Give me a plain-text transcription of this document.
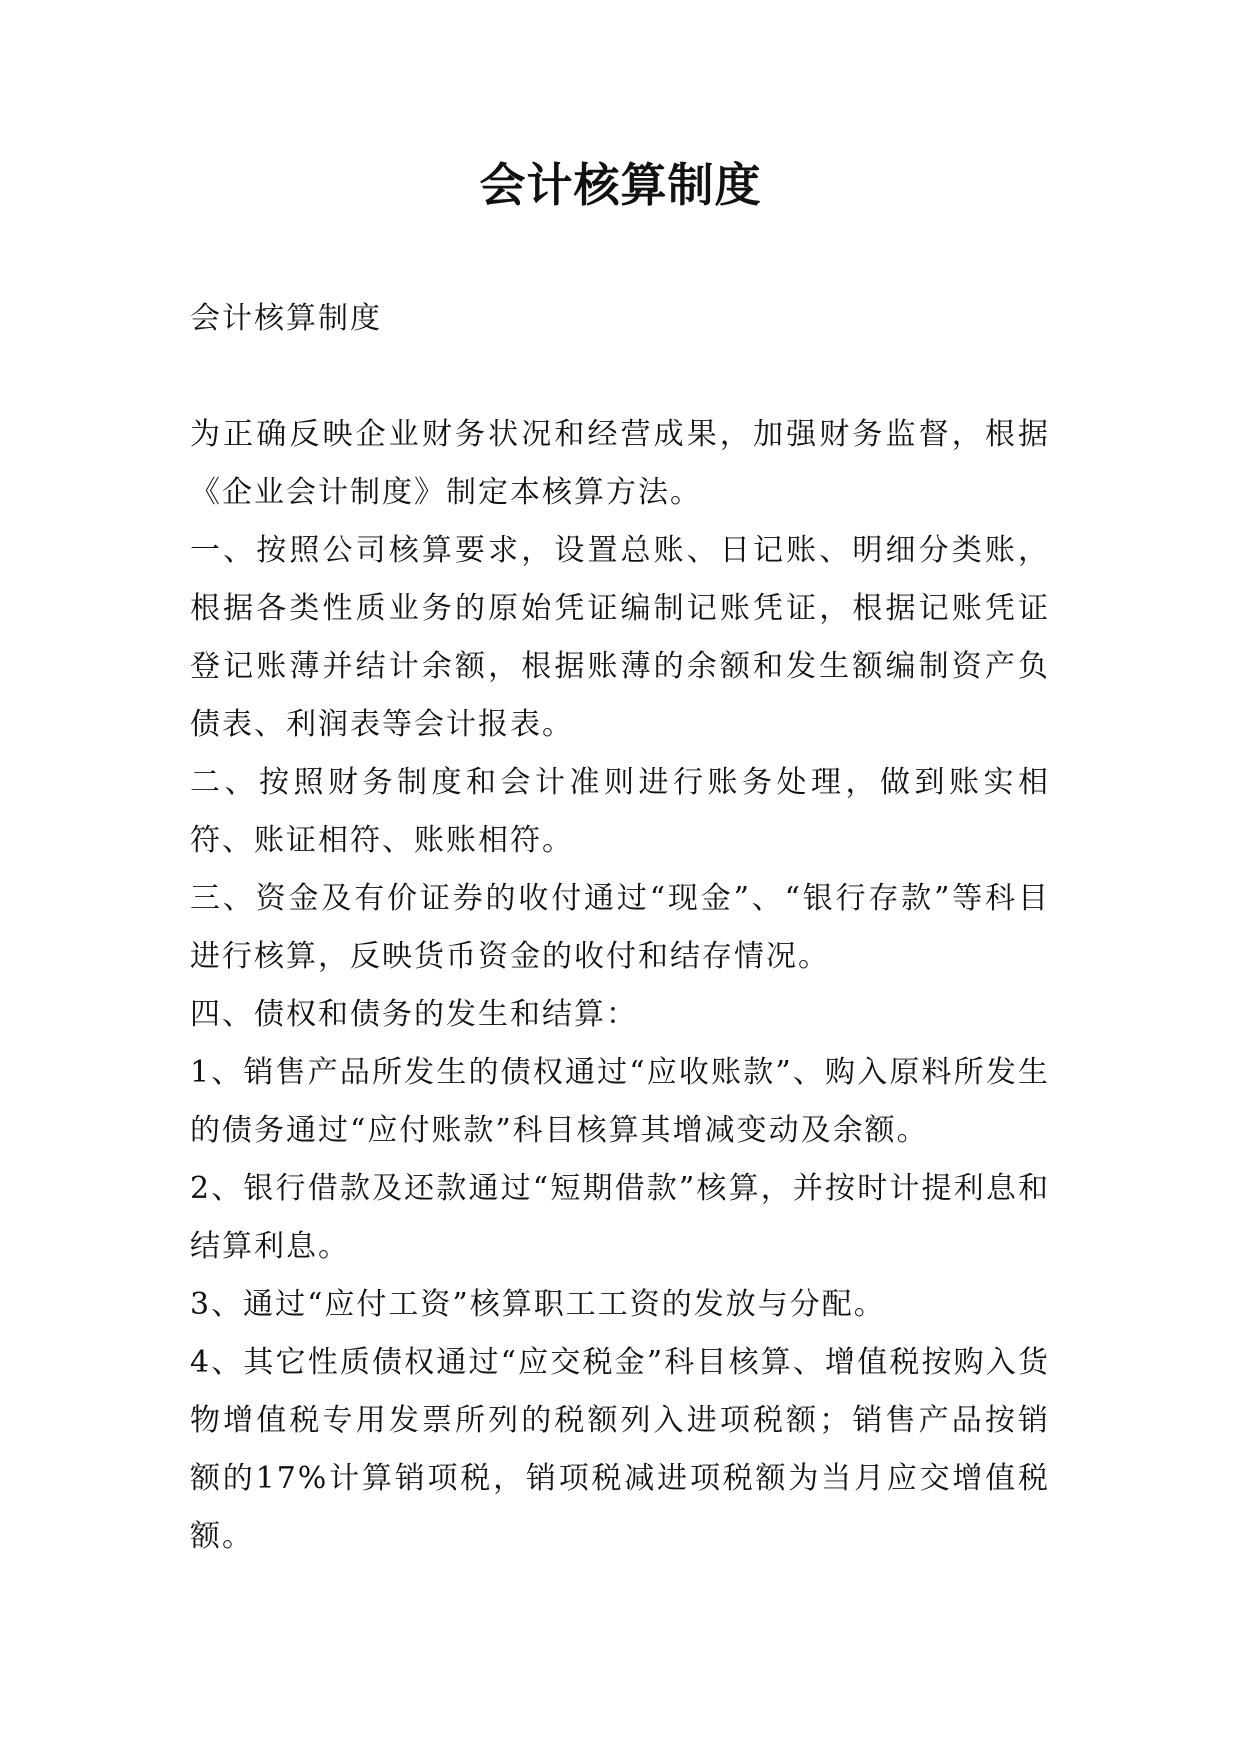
会计核算制度

会计核算制度

为正确反映企业财务状况和经营成果，加强财务监督，根据《企业会计制度》制定本核算方法。

一、按照公司核算要求，设置总账、日记账、明细分类账，根据各类性质业务的原始凭证编制记账凭证，根据记账凭证登记账薄并结计余额，根据账薄的余额和发生额编制资产负债表、利润表等会计报表。

二、按照财务制度和会计准则进行账务处理，做到账实相符、账证相符、账账相符。

三、资金及有价证券的收付通过“现金”、“银行存款”等科目进行核算，反映货币资金的收付和结存情况。

四、债权和债务的发生和结算：

1、销售产品所发生的债权通过“应收账款”、购入原料所发生的债务通过“应付账款”科目核算其增减变动及余额。

2、银行借款及还款通过“短期借款”核算，并按时计提利息和结算利息。

3、通过“应付工资”核算职工工资的发放与分配。

4、其它性质债权通过“应交税金”科目核算、增值税按购入货物增值税专用发票所列的税额列入进项税额；销售产品按销额的17%计算销项税，销项税减进项税额为当月应交增值税额。
